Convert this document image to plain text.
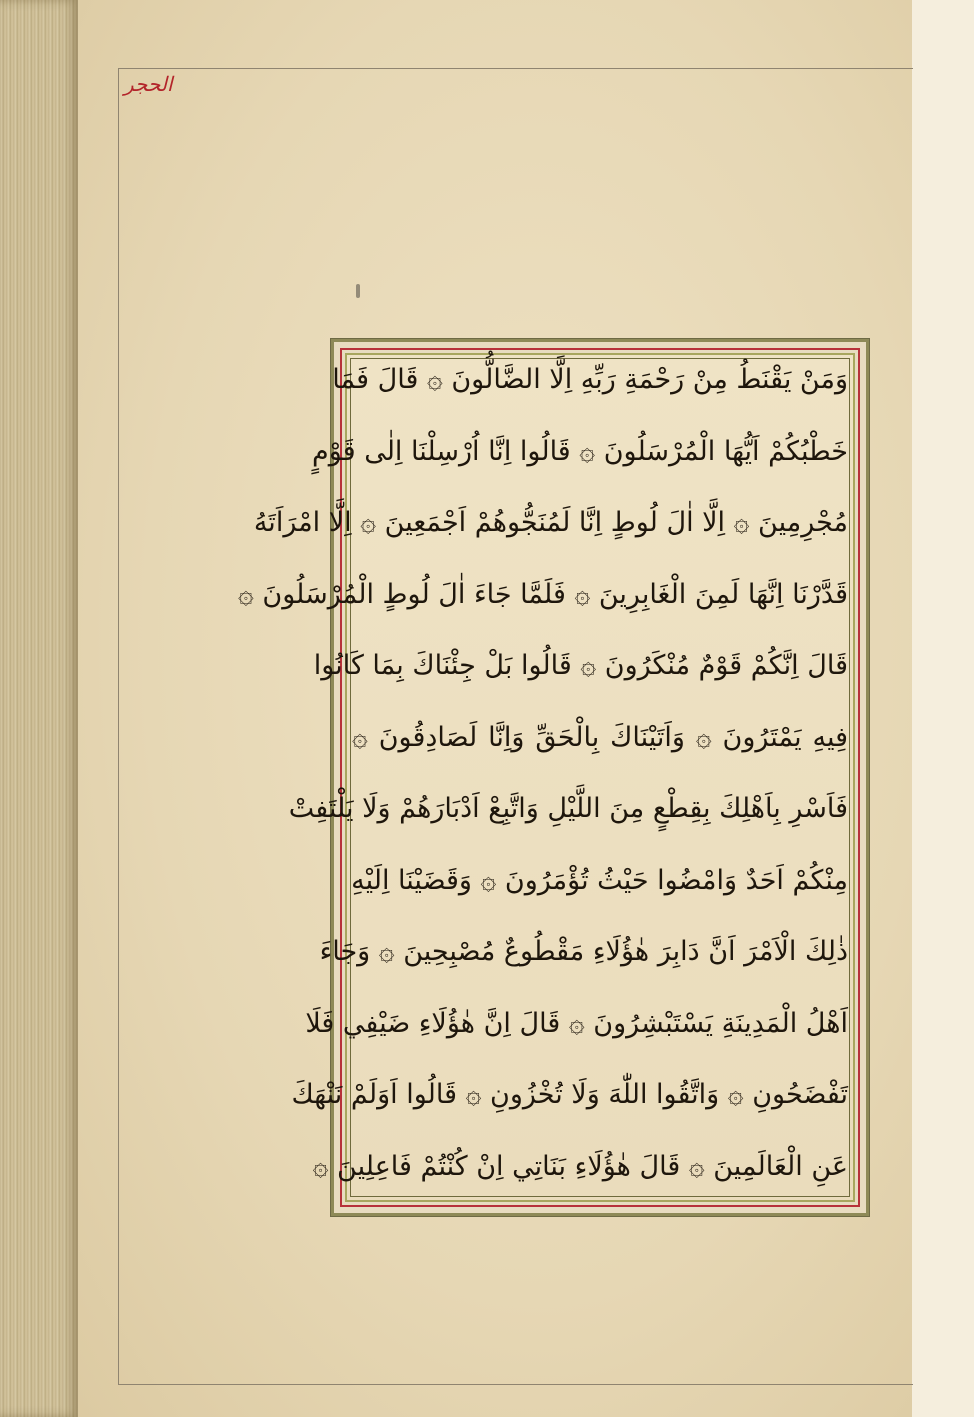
الحجر
وَمَنْ يَقْنَطُ مِنْ رَحْمَةِ رَبِّهِ اِلَّا الضَّالُّونَ ۞ قَالَ فَمَا
خَطْبُكُمْ اَيُّهَا الْمُرْسَلُونَ ۞ قَالُوا اِنَّا اُرْسِلْنَا اِلٰى قَوْمٍ
مُجْرِمِينَ ۞ اِلَّا اٰلَ لُوطٍ اِنَّا لَمُنَجُّوهُمْ اَجْمَعِينَ ۞ اِلَّا امْرَاَتَهُ
قَدَّرْنَا اِنَّهَا لَمِنَ الْغَابِرِينَ ۞ فَلَمَّا جَاءَ اٰلَ لُوطٍ الْمُرْسَلُونَ ۞
قَالَ اِنَّكُمْ قَوْمٌ مُنْكَرُونَ ۞ قَالُوا بَلْ جِئْنَاكَ بِمَا كَانُوا
فِيهِ يَمْتَرُونَ ۞ وَاَتَيْنَاكَ بِالْحَقِّ وَاِنَّا لَصَادِقُونَ ۞
فَاَسْرِ بِاَهْلِكَ بِقِطْعٍ مِنَ اللَّيْلِ وَاتَّبِعْ اَدْبَارَهُمْ وَلَا يَلْتَفِتْ
مِنْكُمْ اَحَدٌ وَامْضُوا حَيْثُ تُؤْمَرُونَ ۞ وَقَضَيْنَا اِلَيْهِ
ذٰلِكَ الْاَمْرَ اَنَّ دَابِرَ هٰؤُلَاءِ مَقْطُوعٌ مُصْبِحِينَ ۞ وَجَاءَ
اَهْلُ الْمَدِينَةِ يَسْتَبْشِرُونَ ۞ قَالَ اِنَّ هٰؤُلَاءِ ضَيْفِي فَلَا
تَفْضَحُونِ ۞ وَاتَّقُوا اللّٰهَ وَلَا تُخْزُونِ ۞ قَالُوا اَوَلَمْ نَنْهَكَ
عَنِ الْعَالَمِينَ ۞ قَالَ هٰؤُلَاءِ بَنَاتِي اِنْ كُنْتُمْ فَاعِلِينَ ۞
